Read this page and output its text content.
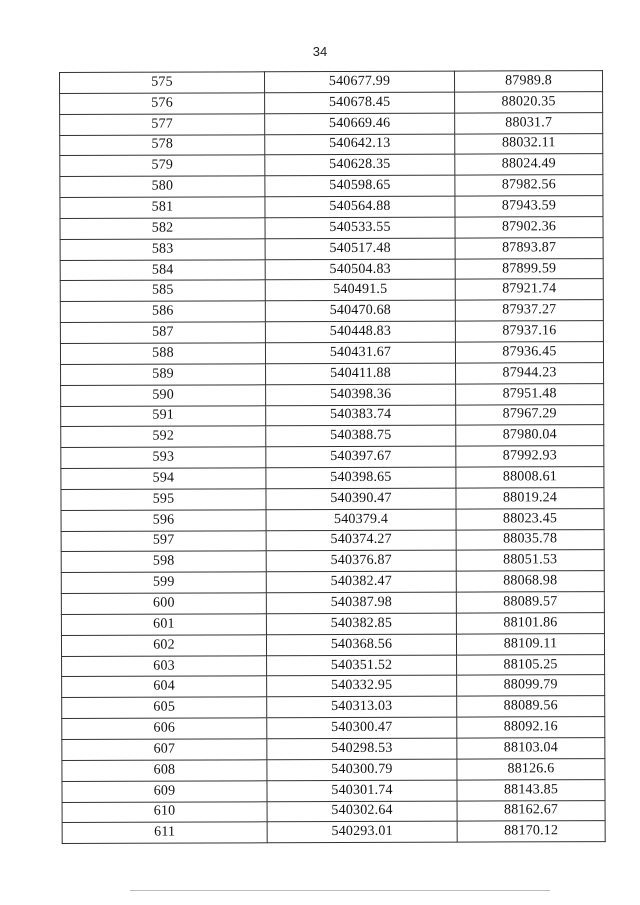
34
575	540677.99	87989.8
576	540678.45	88020.35
577	540669.46	88031.7
578	540642.13	88032.11
579	540628.35	88024.49
580	540598.65	87982.56
581	540564.88	87943.59
582	540533.55	87902.36
583	540517.48	87893.87
584	540504.83	87899.59
585	540491.5	87921.74
586	540470.68	87937.27
587	540448.83	87937.16
588	540431.67	87936.45
589	540411.88	87944.23
590	540398.36	87951.48
591	540383.74	87967.29
592	540388.75	87980.04
593	540397.67	87992.93
594	540398.65	88008.61
595	540390.47	88019.24
596	540379.4	88023.45
597	540374.27	88035.78
598	540376.87	88051.53
599	540382.47	88068.98
600	540387.98	88089.57
601	540382.85	88101.86
602	540368.56	88109.11
603	540351.52	88105.25
604	540332.95	88099.79
605	540313.03	88089.56
606	540300.47	88092.16
607	540298.53	88103.04
608	540300.79	88126.6
609	540301.74	88143.85
610	540302.64	88162.67
611	540293.01	88170.12
